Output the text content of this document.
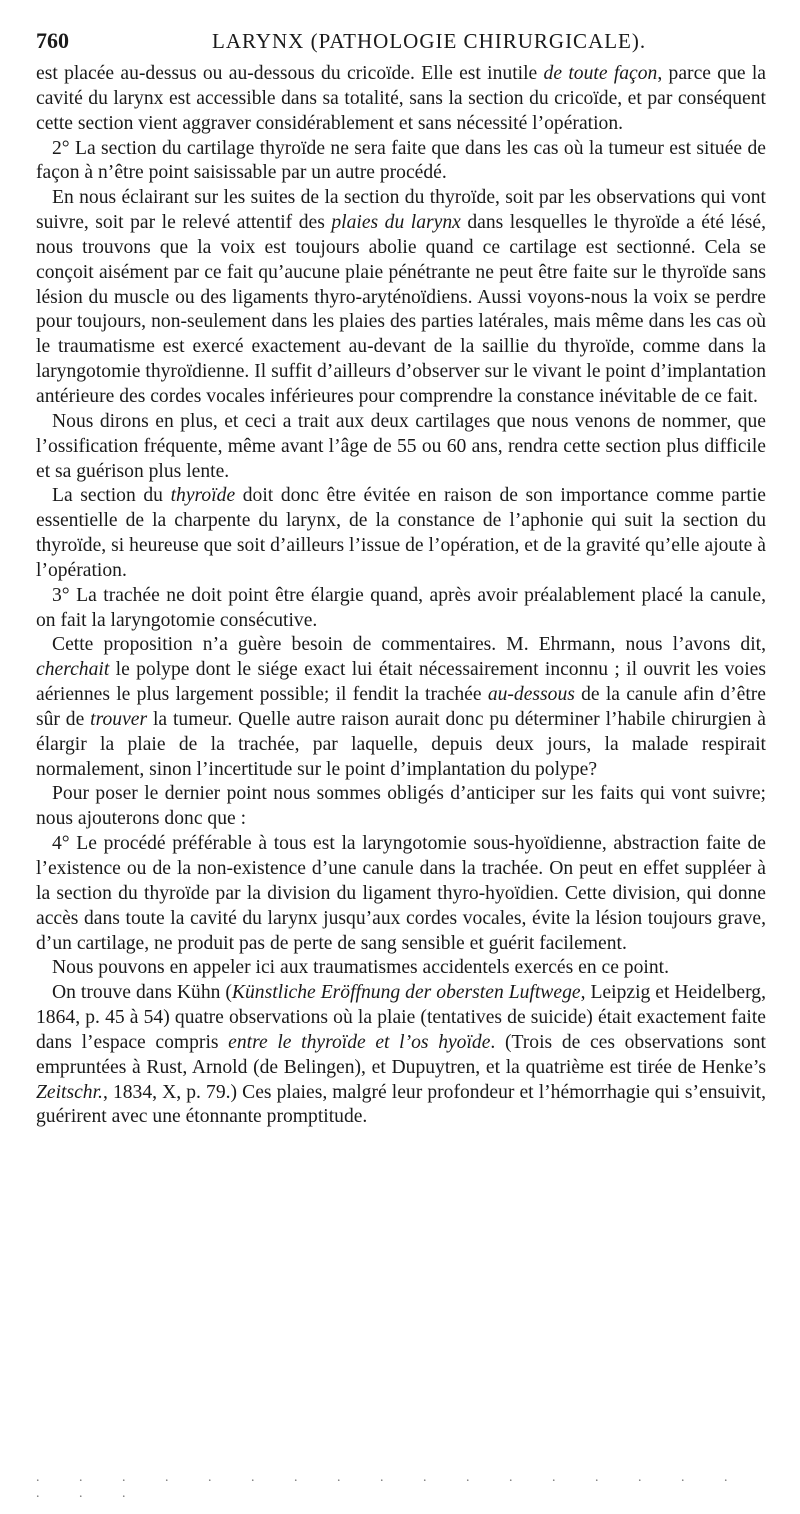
760	LARYNX (PATHOLOGIE CHIRURGICALE).

est placée au-dessus ou au-dessous du cricoïde. Elle est inutile de toute façon, parce que la cavité du larynx est accessible dans sa totalité, sans la section du cricoïde, et par conséquent cette section vient aggraver considérablement et sans nécessité l’opération.

2° La section du cartilage thyroïde ne sera faite que dans les cas où la tumeur est située de façon à n’être point saisissable par un autre procédé.

En nous éclairant sur les suites de la section du thyroïde, soit par les observations qui vont suivre, soit par le relevé attentif des plaies du larynx dans lesquelles le thyroïde a été lésé, nous trouvons que la voix est toujours abolie quand ce cartilage est sectionné. Cela se conçoit aisément par ce fait qu’aucune plaie pénétrante ne peut être faite sur le thyroïde sans lésion du muscle ou des ligaments thyro-aryténoïdiens. Aussi voyons-nous la voix se perdre pour toujours, non-seulement dans les plaies des parties latérales, mais même dans les cas où le traumatisme est exercé exactement au-devant de la saillie du thyroïde, comme dans la laryngotomie thyroïdienne. Il suffit d’ailleurs d’observer sur le vivant le point d’implantation antérieure des cordes vocales inférieures pour comprendre la constance inévitable de ce fait.

Nous dirons en plus, et ceci a trait aux deux cartilages que nous venons de nommer, que l’ossification fréquente, même avant l’âge de 55 ou 60 ans, rendra cette section plus difficile et sa guérison plus lente.

La section du thyroïde doit donc être évitée en raison de son importance comme partie essentielle de la charpente du larynx, de la constance de l’aphonie qui suit la section du thyroïde, si heureuse que soit d’ailleurs l’issue de l’opération, et de la gravité qu’elle ajoute à l’opération.

3° La trachée ne doit point être élargie quand, après avoir préalablement placé la canule, on fait la laryngotomie consécutive.

Cette proposition n’a guère besoin de commentaires. M. Ehrmann, nous l’avons dit, cherchait le polype dont le siége exact lui était nécessairement inconnu ; il ouvrit les voies aériennes le plus largement possible; il fendit la trachée au-dessous de la canule afin d’être sûr de trouver la tumeur. Quelle autre raison aurait donc pu déterminer l’habile chirurgien à élargir la plaie de la trachée, par laquelle, depuis deux jours, la malade respirait normalement, sinon l’incertitude sur le point d’implantation du polype?

Pour poser le dernier point nous sommes obligés d’anticiper sur les faits qui vont suivre; nous ajouterons donc que :

4° Le procédé préférable à tous est la laryngotomie sous-hyoïdienne, abstraction faite de l’existence ou de la non-existence d’une canule dans la trachée. On peut en effet suppléer à la section du thyroïde par la division du ligament thyro-hyoïdien. Cette division, qui donne accès dans toute la cavité du larynx jusqu’aux cordes vocales, évite la lésion toujours grave, d’un cartilage, ne produit pas de perte de sang sensible et guérit facilement.

Nous pouvons en appeler ici aux traumatismes accidentels exercés en ce point.

On trouve dans Kühn (Künstliche Eröffnung der obersten Luftwege, Leipzig et Heidelberg, 1864, p. 45 à 54) quatre observations où la plaie (tentatives de suicide) était exactement faite dans l’espace compris entre le thyroïde et l’os hyoïde. (Trois de ces observations sont empruntées à Rust, Arnold (de Belingen), et Dupuytren, et la quatrième est tirée de Henke’s Zeitschr., 1834, X, p. 79.) Ces plaies, malgré leur profondeur et l’hémorrhagie qui s’ensuivit, guérirent avec une étonnante promptitude.

. . . . . . . . . . . . . . . . . . . .
